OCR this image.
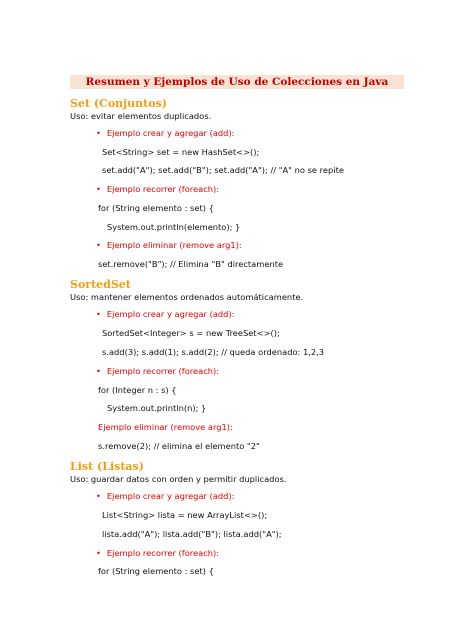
Resumen y Ejemplos de Uso de Colecciones en Java
Set (Conjuntos)
Uso: evitar elementos duplicados.
• Ejemplo crear y agregar (add):
Set<String> set = new HashSet<>();
set.add("A"); set.add("B"); set.add("A"); // "A" no se repite
• Ejemplo recorrer (foreach):
for (String elemento : set) {
System.out.println(elemento); }
• Ejemplo eliminar (remove arg1):
set.remove("B"); // Elimina "B" directamente
SortedSet
Uso: mantener elementos ordenados automáticamente.
• Ejemplo crear y agregar (add):
SortedSet<Integer> s = new TreeSet<>();
s.add(3); s.add(1); s.add(2); // queda ordenado: 1,2,3
• Ejemplo recorrer (foreach):
for (Integer n : s) {
System.out.println(n); }
Ejemplo eliminar (remove arg1):
s.remove(2); // elimina el elemento "2"
List (Listas)
Uso: guardar datos con orden y permitir duplicados.
• Ejemplo crear y agregar (add):
List<String> lista = new ArrayList<>();
lista.add("A"); lista.add("B"); lista.add("A");
• Ejemplo recorrer (foreach):
for (String elemento : set) {
